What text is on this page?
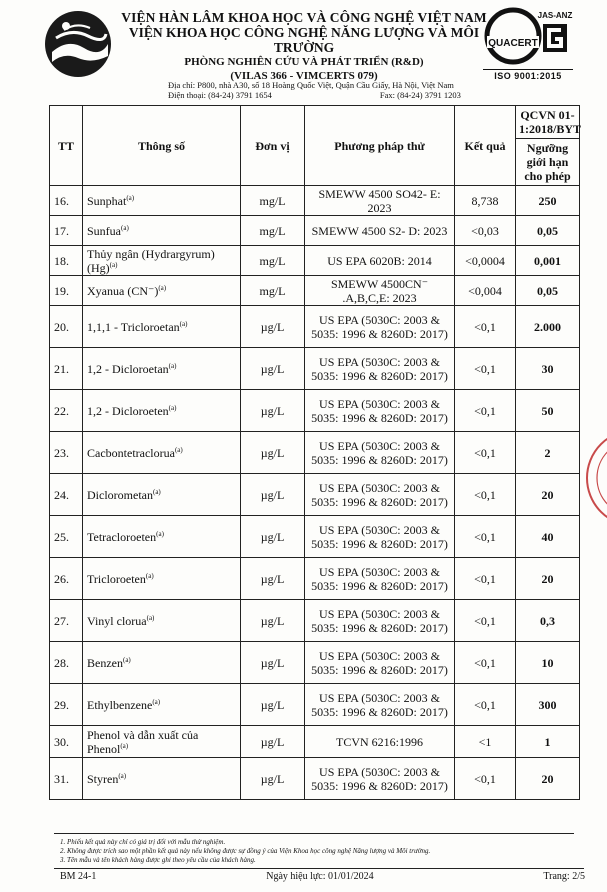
VIỆN HÀN LÂM KHOA HỌC VÀ CÔNG NGHỆ VIỆT NAM
VIỆN KHOA HỌC CÔNG NGHỆ NĂNG LƯỢNG VÀ MÔI TRƯỜNG
PHÒNG NGHIÊN CỨU VÀ PHÁT TRIỂN (R&D)
(VILAS 366 - VIMCERTS 079)
Địa chỉ: P800, nhà A30, số 18 Hoàng Quốc Việt, Quận Cầu Giấy, Hà Nội, Việt Nam
Điện thoại: (84-24) 3791 1654	Fax: (84-24) 3791 1203
QUACERT
JAS-ANZ
ISO 9001:2015
TT	Thông số	Đơn vị	Phương pháp thử	Kết quả	QCVN 01-1:2018/BYT
Ngưỡng giới hạn cho phép

16.	Sunphat$^{(a)}$	mg/L	SMEWW 4500 SO42- E: 2023	8,738	250
17.	Sunfua$^{(a)}$	mg/L	SMEWW 4500 S2- D: 2023	<0,03	0,05
18.	Thủy ngân (Hydrargyrum) $(Hg)^{(a)}$	mg/L	US EPA 6020B: 2014	<0,0004	0,001
19.	Xyanua $(CN^-)^{(a)}$	mg/L	SMEWW 4500CN⁻ .A,B,C,E: 2023	<0,004	0,05
20.	1,1,1 - Tricloroetan$^{(a)}$	µg/L	US EPA (5030C: 2003 & 5035: 1996 & 8260D: 2017)	<0,1	2.000
21.	1,2 - Dicloroetan$^{(a)}$	µg/L	US EPA (5030C: 2003 & 5035: 1996 & 8260D: 2017)	<0,1	30
22.	1,2 - Dicloroeten$^{(a)}$	µg/L	US EPA (5030C: 2003 & 5035: 1996 & 8260D: 2017)	<0,1	50
23.	Cacbontetraclorua$^{(a)}$	µg/L	US EPA (5030C: 2003 & 5035: 1996 & 8260D: 2017)	<0,1	2
24.	Diclorometan$^{(a)}$	µg/L	US EPA (5030C: 2003 & 5035: 1996 & 8260D: 2017)	<0,1	20
25.	Tetracloroeten$^{(a)}$	µg/L	US EPA (5030C: 2003 & 5035: 1996 & 8260D: 2017)	<0,1	40
26.	Tricloroeten$^{(a)}$	µg/L	US EPA (5030C: 2003 & 5035: 1996 & 8260D: 2017)	<0,1	20
27.	Vinyl clorua$^{(a)}$	µg/L	US EPA (5030C: 2003 & 5035: 1996 & 8260D: 2017)	<0,1	0,3
28.	Benzen$^{(a)}$	µg/L	US EPA (5030C: 2003 & 5035: 1996 & 8260D: 2017)	<0,1	10
29.	Ethylbenzene$^{(a)}$	µg/L	US EPA (5030C: 2003 & 5035: 1996 & 8260D: 2017)	<0,1	300
30.	Phenol và dẫn xuất của Phenol$^{(a)}$	µg/L	TCVN 6216:1996	<1	1
31.	Styren$^{(a)}$	µg/L	US EPA (5030C: 2003 & 5035: 1996 & 8260D: 2017)	<0,1	20
1. Phiếu kết quả này chỉ có giá trị đối với mẫu thử nghiệm.
2. Không được trích sao một phần kết quả này nếu không được sự đồng ý của Viện Khoa học công nghệ Năng lượng và Môi trường.
3. Tên mẫu và tên khách hàng được ghi theo yêu cầu của khách hàng.
BM 24-1	Ngày hiệu lực: 01/01/2024	Trang: 2/5
